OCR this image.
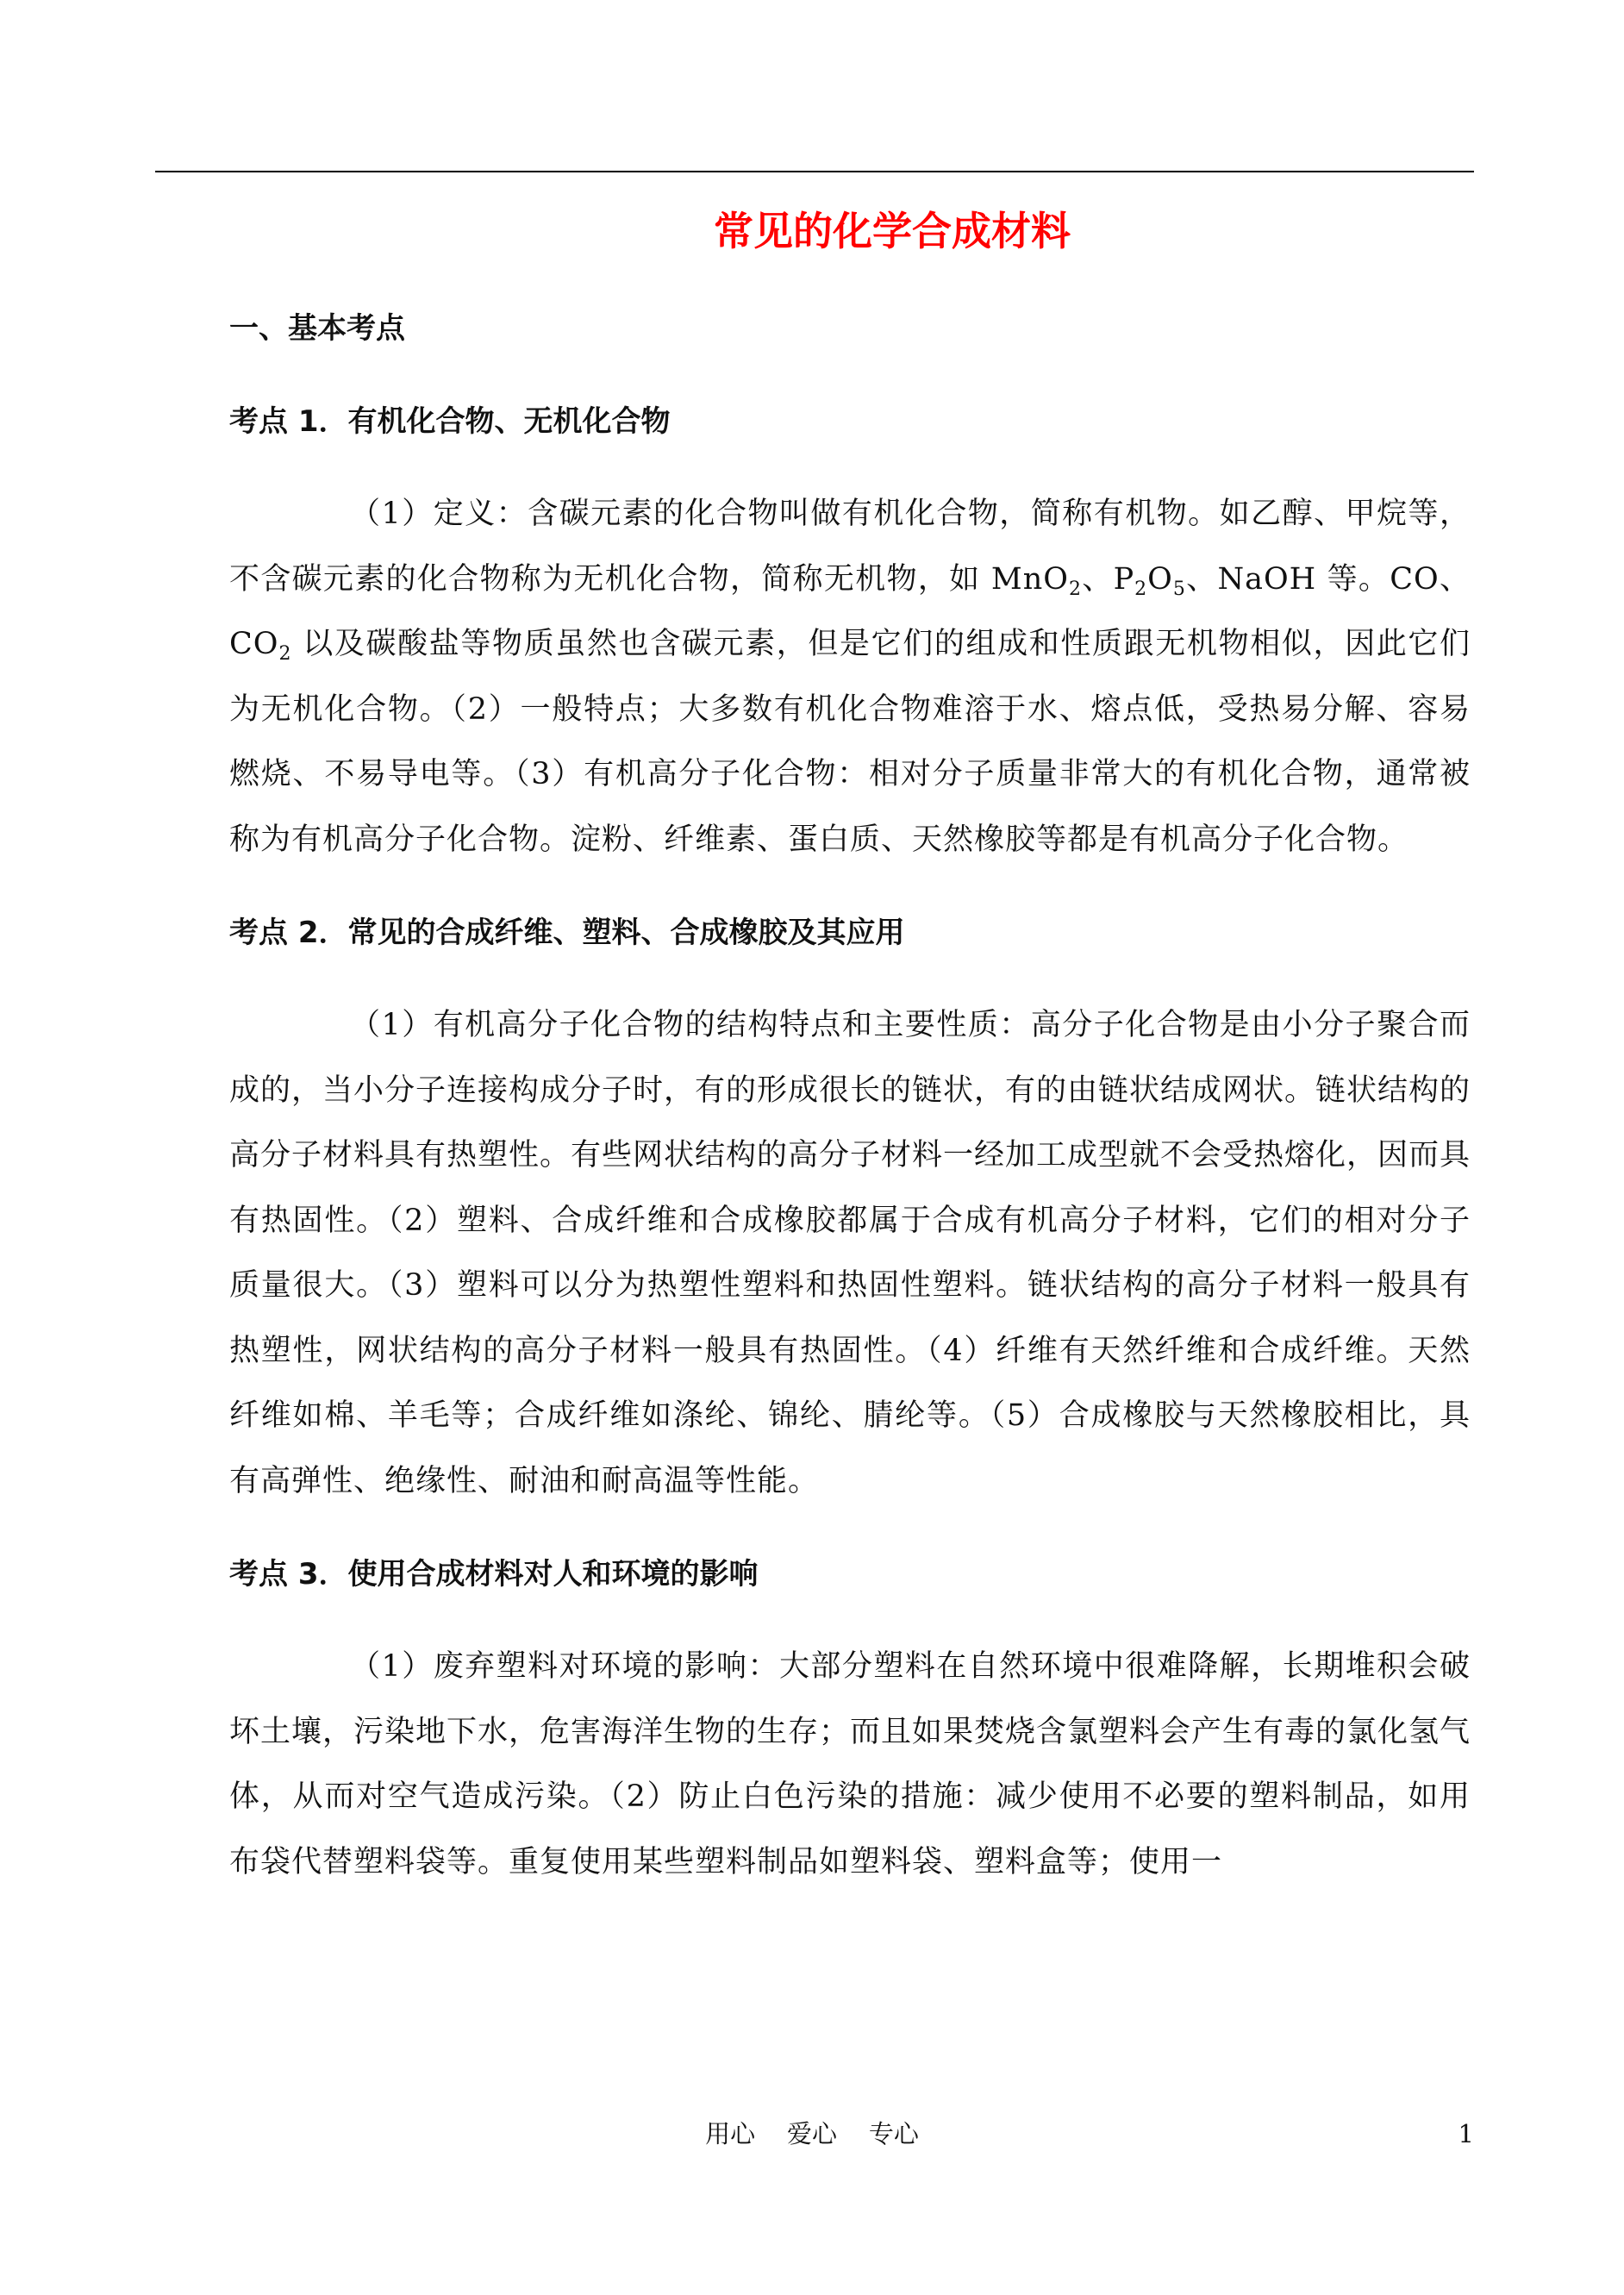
常见的化学合成材料
一、基本考点
考点 1．有机化合物、无机化合物

（1）定义：含碳元素的化合物叫做有机化合物，简称有机物。如乙醇、甲烷等，不含碳元素的化合物称为无机化合物，简称无机物，如 MnO$_2$、$P_2O_5$、NaOH 等。CO、$CO_2$ 以及碳酸盐等物质虽然也含碳元素，但是它们的组成和性质跟无机物相似，因此它们为无机化合物。（2）一般特点；大多数有机化合物难溶于水、熔点低，受热易分解、容易燃烧、不易导电等。（3）有机高分子化合物：相对分子质量非常大的有机化合物，通常被称为有机高分子化合物。淀粉、纤维素、蛋白质、天然橡胶等都是有机高分子化合物。

考点 2．常见的合成纤维、塑料、合成橡胶及其应用

（1）有机高分子化合物的结构特点和主要性质：高分子化合物是由小分子聚合而成的，当小分子连接构成分子时，有的形成很长的链状，有的由链状结成网状。链状结构的高分子材料具有热塑性。有些网状结构的高分子材料一经加工成型就不会受热熔化，因而具有热固性。（2）塑料、合成纤维和合成橡胶都属于合成有机高分子材料，它们的相对分子质量很大。（3）塑料可以分为热塑性塑料和热固性塑料。链状结构的高分子材料一般具有热塑性，网状结构的高分子材料一般具有热固性。（4）纤维有天然纤维和合成纤维。天然纤维如棉、羊毛等；合成纤维如涤纶、锦纶、腈纶等。（5）合成橡胶与天然橡胶相比，具有高弹性、绝缘性、耐油和耐高温等性能。

考点 3．使用合成材料对人和环境的影响

（1）废弃塑料对环境的影响：大部分塑料在自然环境中很难降解，长期堆积会破坏土壤，污染地下水，危害海洋生物的生存；而且如果焚烧含氯塑料会产生有毒的氯化氢气体，从而对空气造成污染。（2）防止白色污染的措施：减少使用不必要的塑料制品，如用布袋代替塑料袋等。重复使用某些塑料制品如塑料袋、塑料盒等；使用一

用心    爱心    专心	1
